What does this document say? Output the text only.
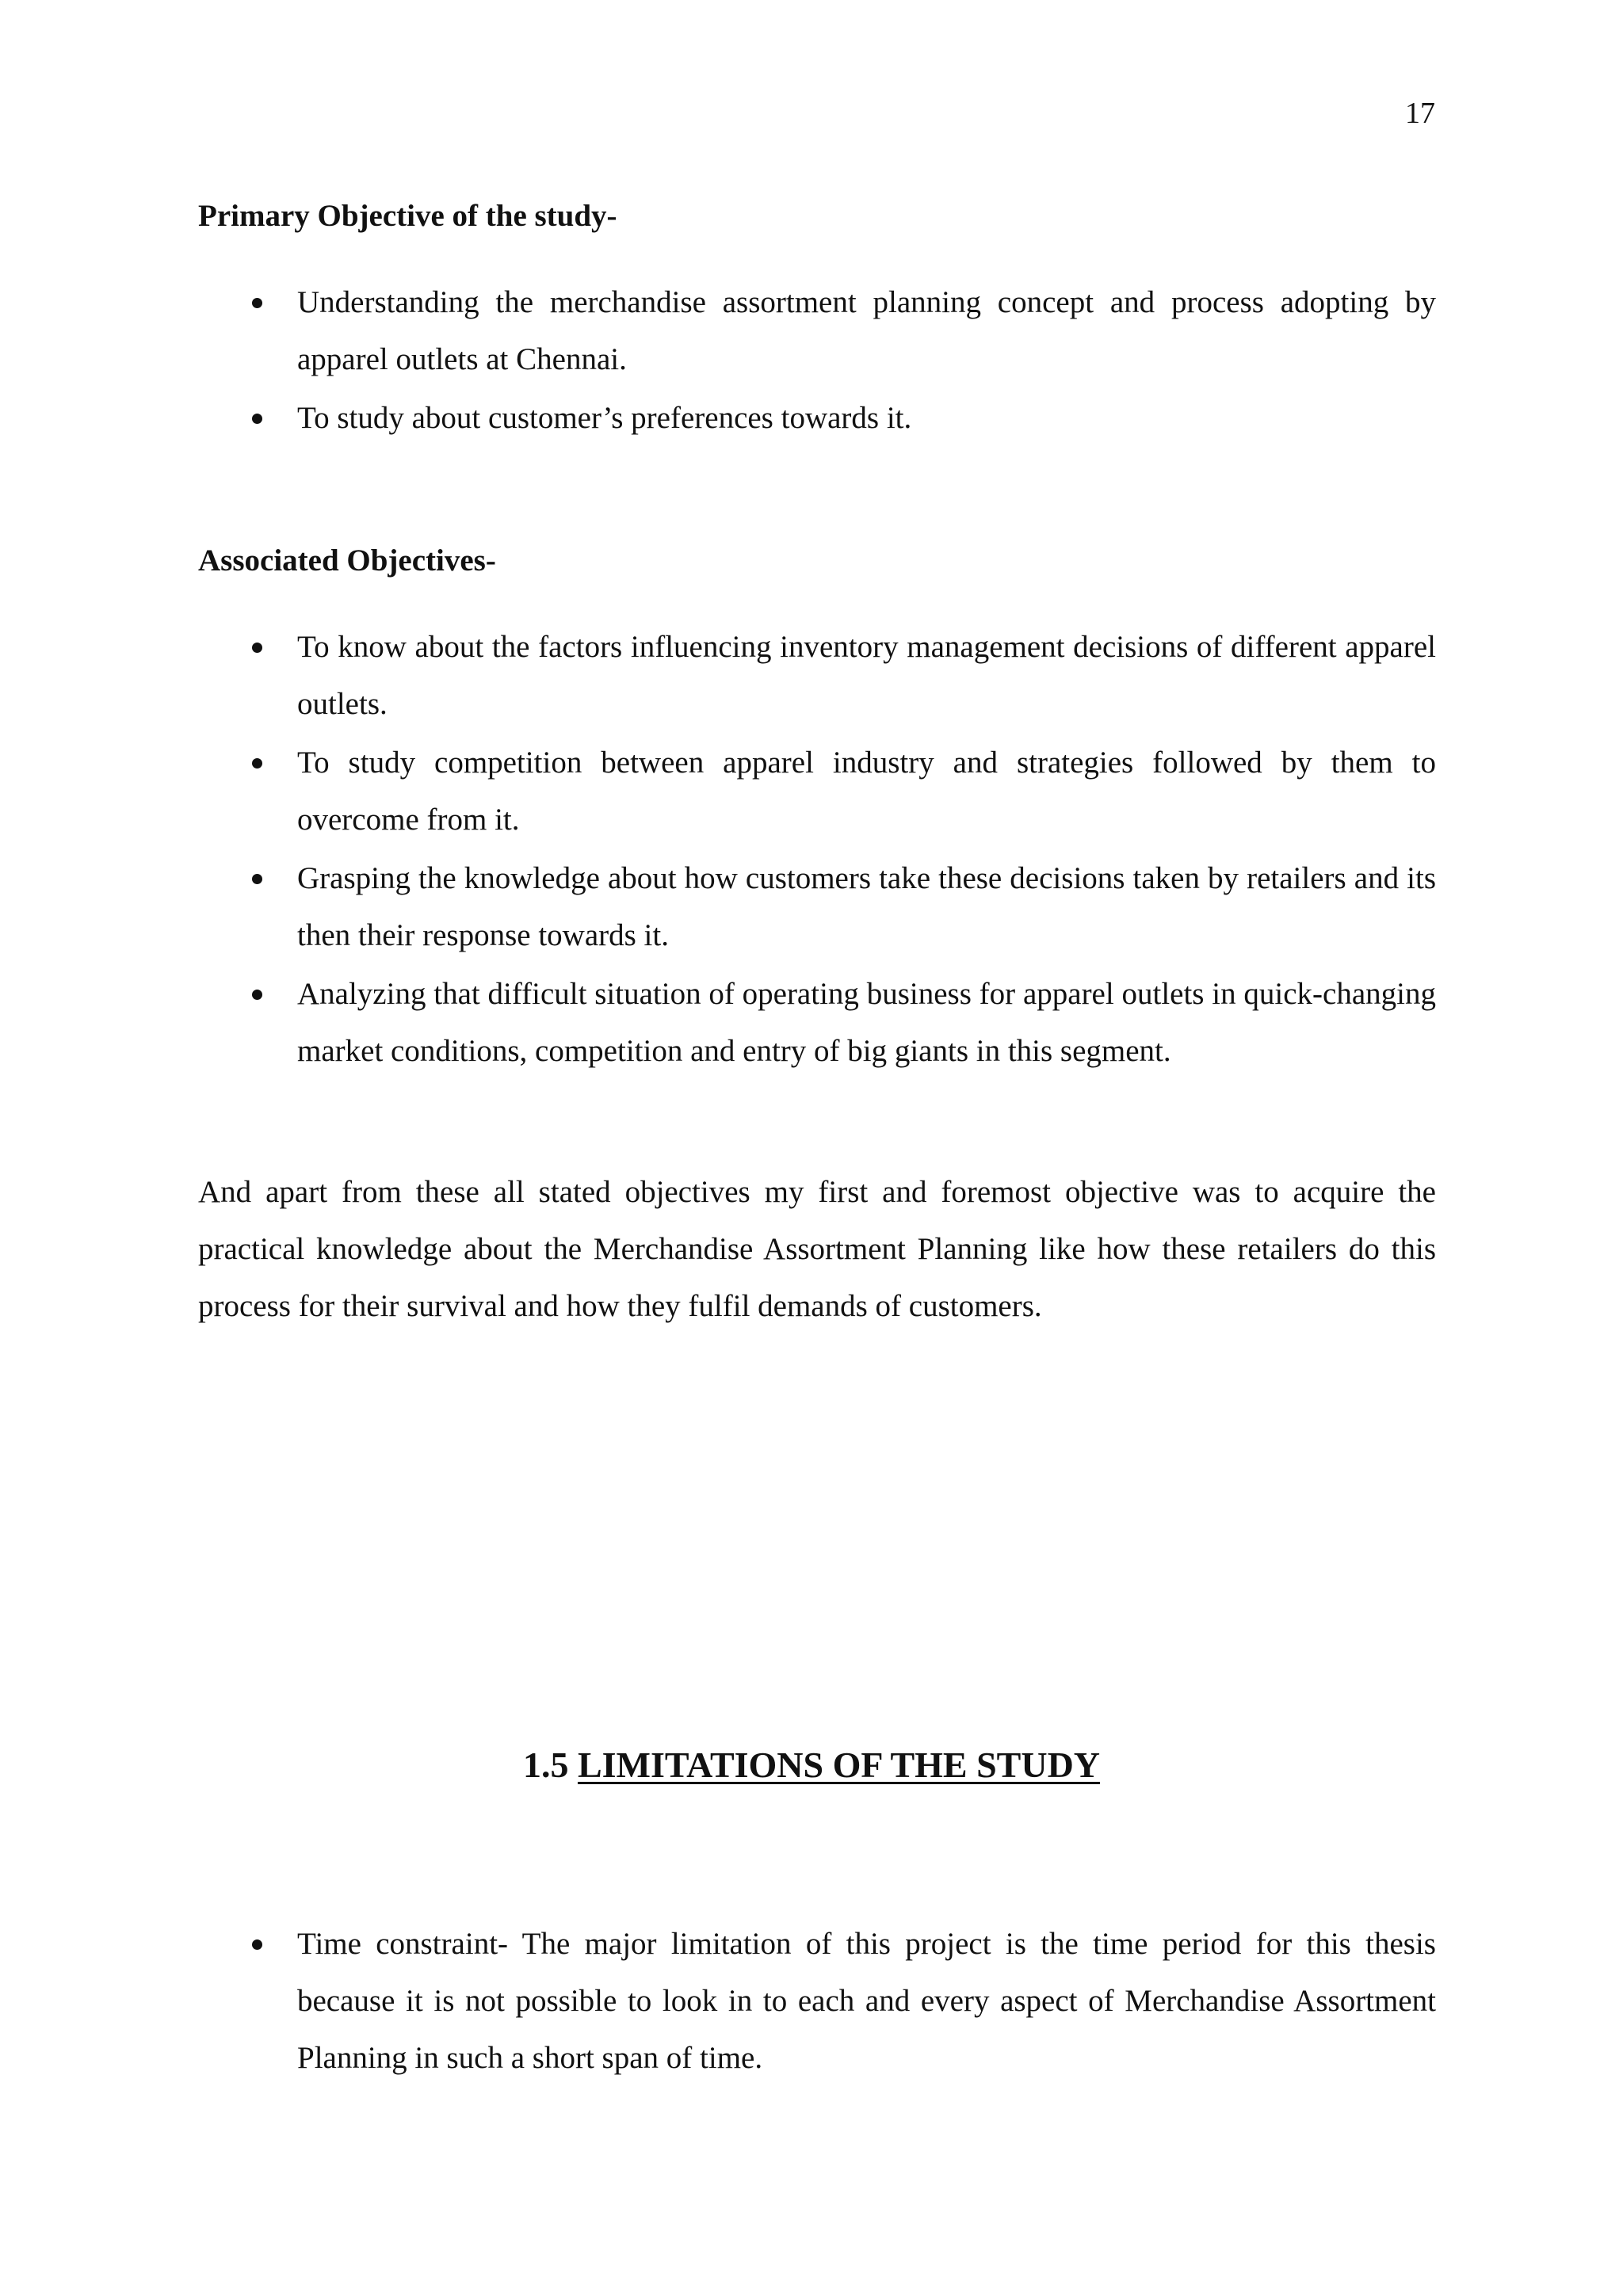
17
Primary Objective of the study-
Understanding the merchandise assortment planning concept and process adopting by apparel outlets at Chennai.
To study about customer’s preferences towards it.
Associated Objectives-
To know about the factors influencing inventory management decisions of different apparel outlets.
To study competition between apparel industry and strategies followed by them to overcome from it.
Grasping the knowledge about how customers take these decisions taken by retailers and its then their response towards it.
Analyzing that difficult situation of operating business for apparel outlets in quick-changing market conditions, competition and entry of big giants in this segment.

And apart from these all stated objectives my first and foremost objective was to acquire the practical knowledge about the Merchandise Assortment Planning like how these retailers do this process for their survival and how they fulfil demands of customers.

1.5 LIMITATIONS OF THE STUDY
Time constraint- The major limitation of this project is the time period for this thesis because it is not possible to look in to each and every aspect of Merchandise Assortment Planning in such a short span of time.
